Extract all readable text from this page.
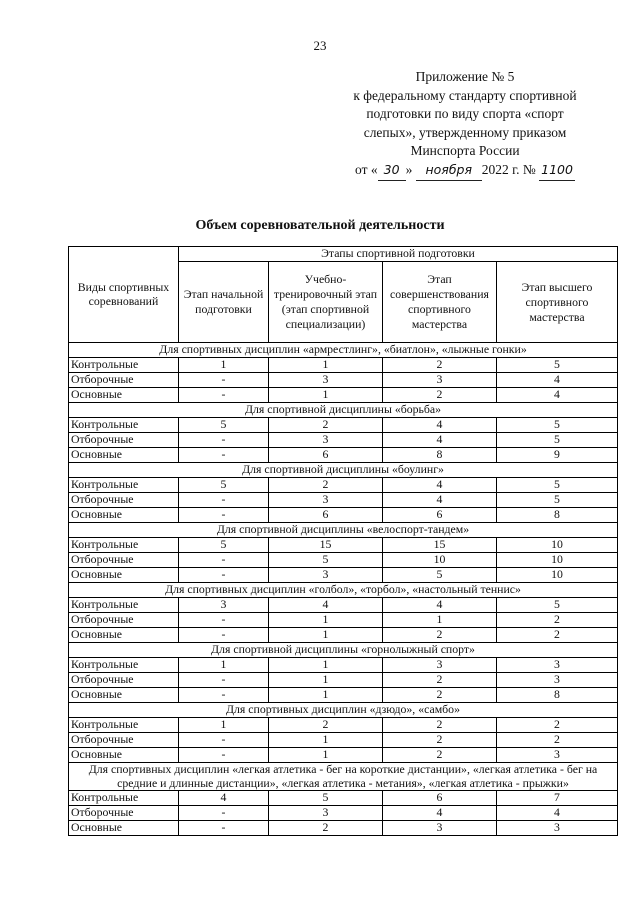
23
Приложение № 5
к федеральному стандарту спортивной
подготовки по виду спорта «спорт
слепых», утвержденному приказом
Минспорта России
от « 30 » ноября 2022 г. № 1100
Объем соревновательной деятельности
Виды спортивных соревнований	Этапы спортивной подготовки			
	Этап начальной подготовки	Учебно-тренировочный этап (этап спортивной специализации)	Этап совершенствования спортивного мастерства	Этап высшего спортивного мастерства
Для спортивных дисциплин «армрестлинг», «биатлон», «лыжные гонки»				
Контрольные	1	1	2	5
Отборочные	-	3	3	4
Основные	-	1	2	4
Для спортивной дисциплины «борьба»				
Контрольные	5	2	4	5
Отборочные	-	3	4	5
Основные	-	6	8	9
Для спортивной дисциплины «боулинг»				
Контрольные	5	2	4	5
Отборочные	-	3	4	5
Основные	-	6	6	8
Для спортивной дисциплины «велоспорт-тандем»				
Контрольные	5	15	15	10
Отборочные	-	5	10	10
Основные	-	3	5	10
Для спортивных дисциплин «голбол», «торбол», «настольный теннис»				
Контрольные	3	4	4	5
Отборочные	-	1	1	2
Основные	-	1	2	2
Для спортивной дисциплины «горнолыжный спорт»				
Контрольные	1	1	3	3
Отборочные	-	1	2	3
Основные	-	1	2	8
Для спортивных дисциплин «дзюдо», «самбо»				
Контрольные	1	2	2	2
Отборочные	-	1	2	2
Основные	-	1	2	3
Для спортивных дисциплин «легкая атлетика - бег на короткие дистанции», «легкая атлетика - бег на средние и длинные дистанции», «легкая атлетика - метания», «легкая атлетика - прыжки»				
Контрольные	4	5	6	7
Отборочные	-	3	4	4
Основные	-	2	3	3
